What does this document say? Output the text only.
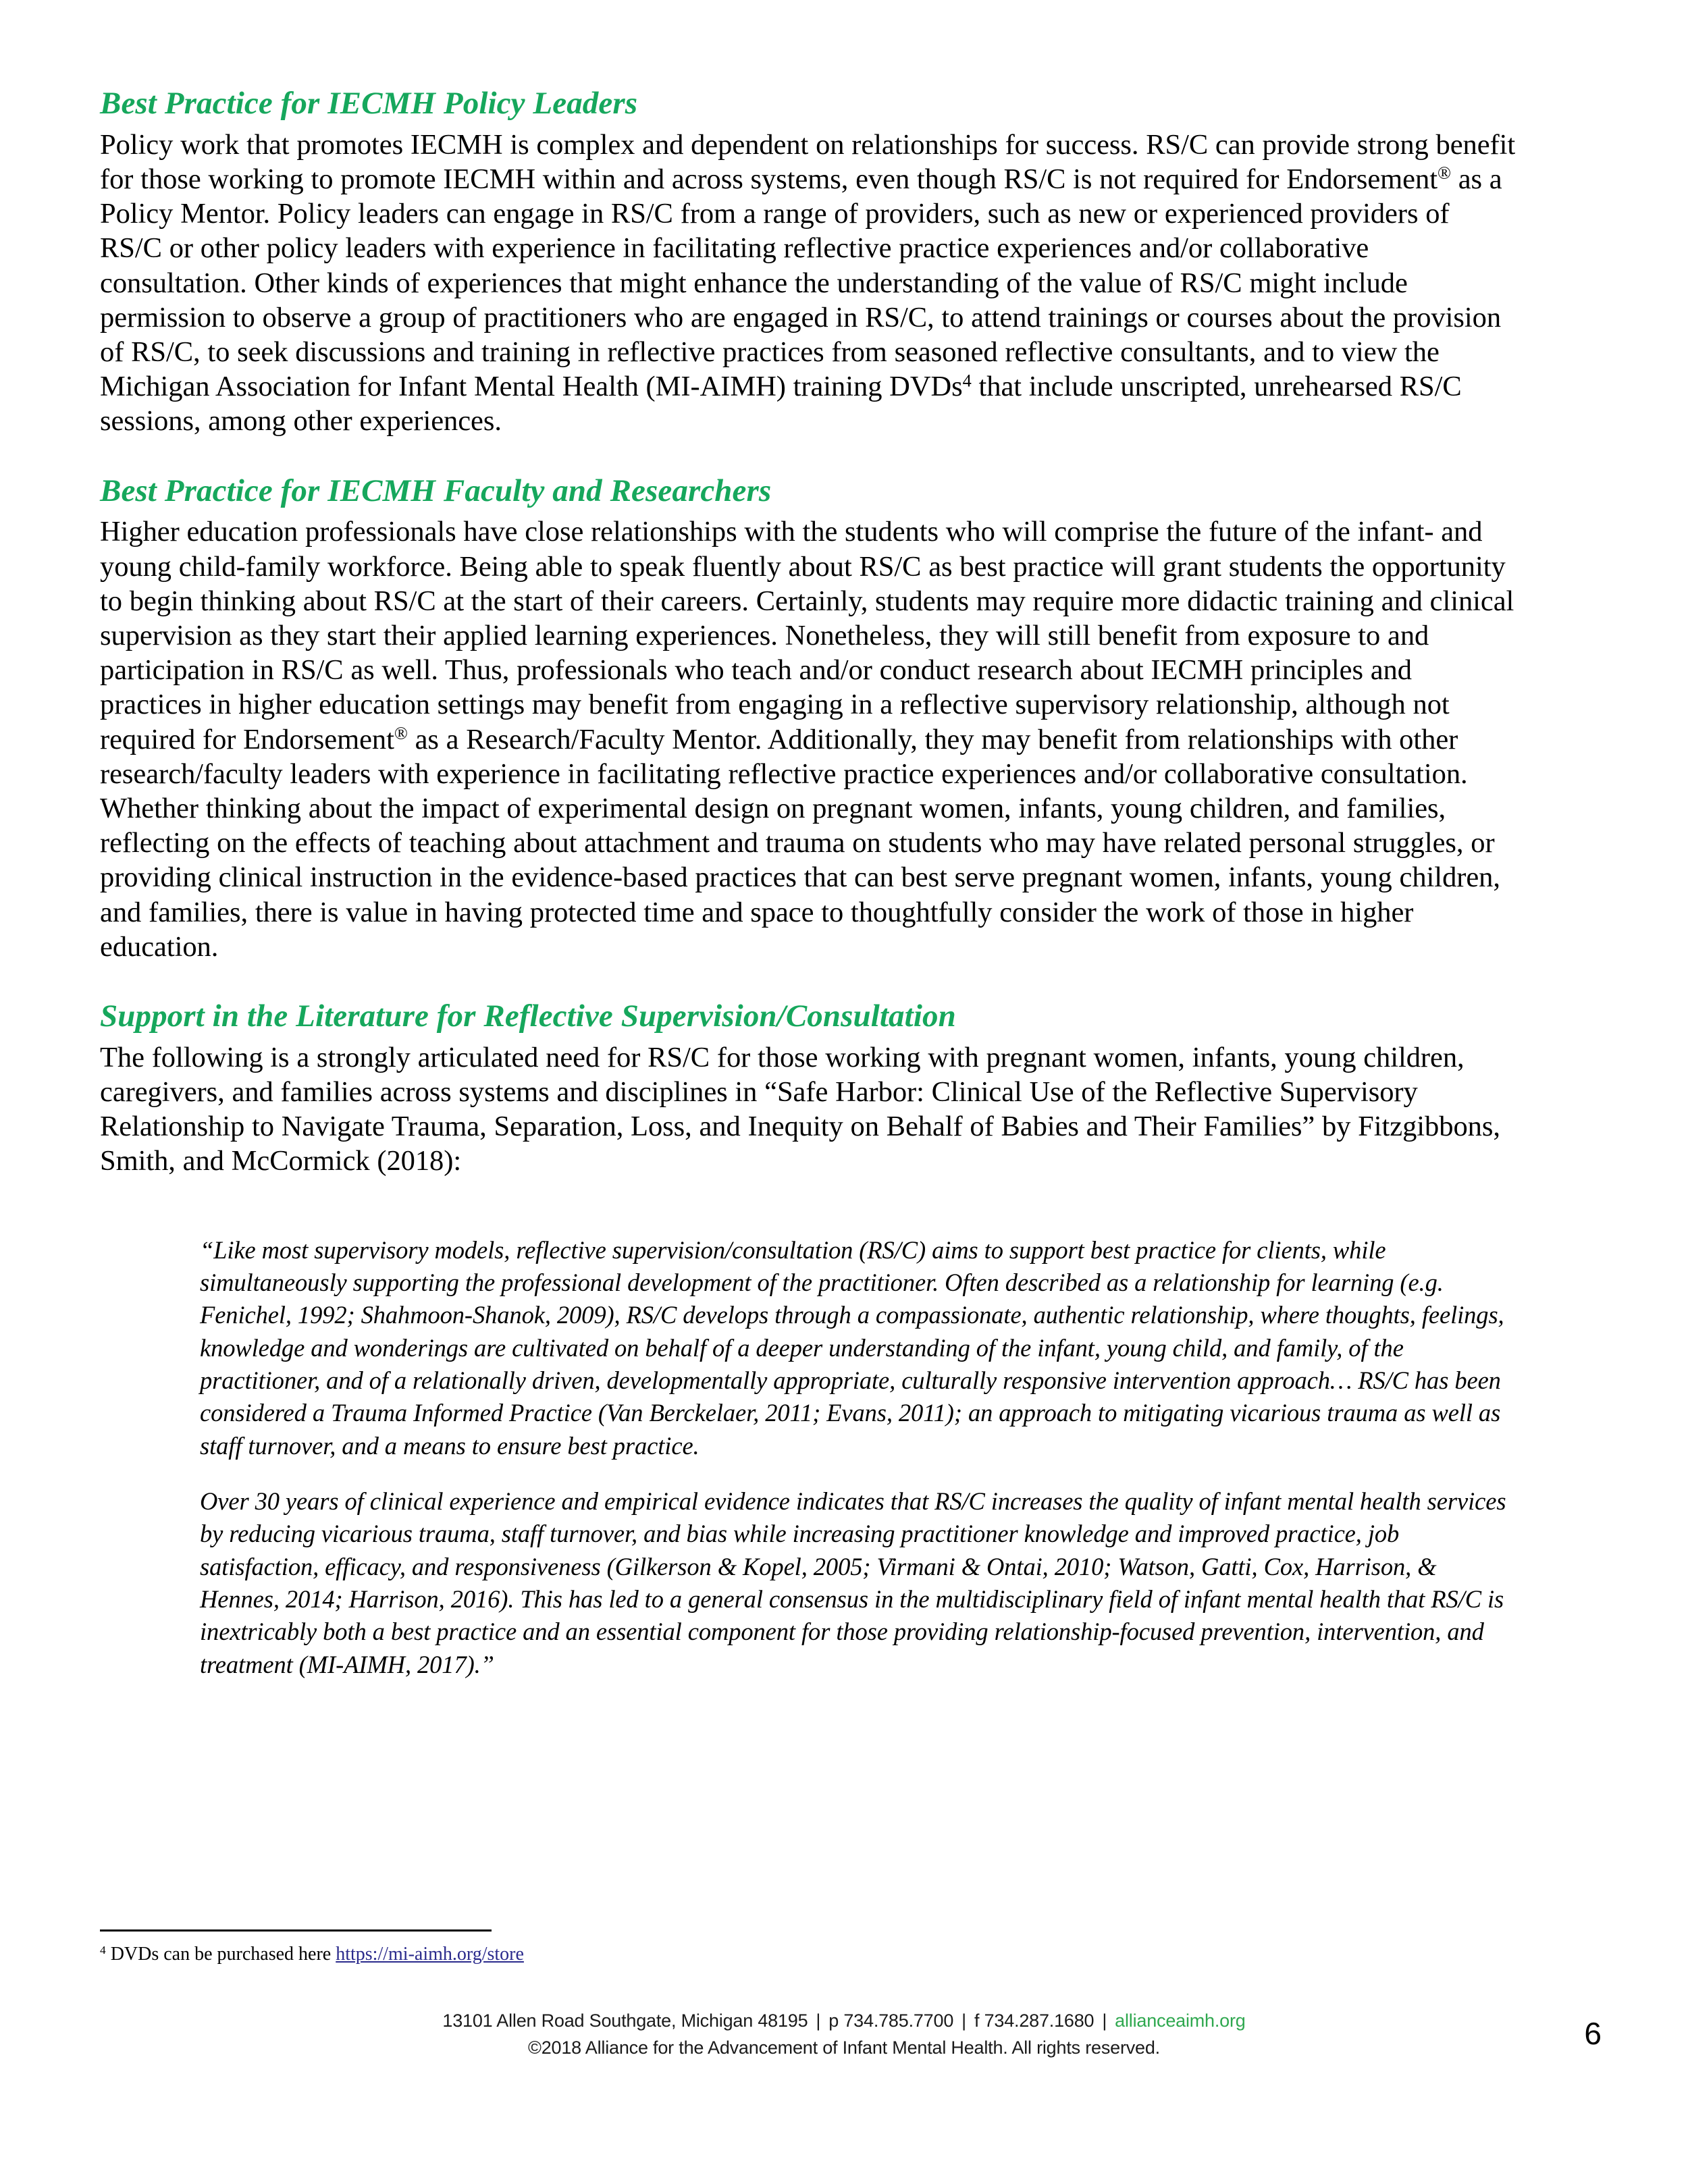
Best Practice for IECMH Policy Leaders

Policy work that promotes IECMH is complex and dependent on relationships for success. RS/C can provide strong benefit for those working to promote IECMH within and across systems, even though RS/C is not required for Endorsement® as a Policy Mentor. Policy leaders can engage in RS/C from a range of providers, such as new or experienced providers of RS/C or other policy leaders with experience in facilitating reflective practice experiences and/or collaborative consultation. Other kinds of experiences that might enhance the understanding of the value of RS/C might include permission to observe a group of practitioners who are engaged in RS/C, to attend trainings or courses about the provision of RS/C, to seek discussions and training in reflective practices from seasoned reflective consultants, and to view the Michigan Association for Infant Mental Health (MI-AIMH) training DVDs$^4$ that include unscripted, unrehearsed RS/C sessions, among other experiences.

Best Practice for IECMH Faculty and Researchers

Higher education professionals have close relationships with the students who will comprise the future of the infant- and young child-family workforce. Being able to speak fluently about RS/C as best practice will grant students the opportunity to begin thinking about RS/C at the start of their careers. Certainly, students may require more didactic training and clinical supervision as they start their applied learning experiences. Nonetheless, they will still benefit from exposure to and participation in RS/C as well. Thus, professionals who teach and/or conduct research about IECMH principles and practices in higher education settings may benefit from engaging in a reflective supervisory relationship, although not required for Endorsement® as a Research/Faculty Mentor. Additionally, they may benefit from relationships with other research/faculty leaders with experience in facilitating reflective practice experiences and/or collaborative consultation. Whether thinking about the impact of experimental design on pregnant women, infants, young children, and families, reflecting on the effects of teaching about attachment and trauma on students who may have related personal struggles, or providing clinical instruction in the evidence-based practices that can best serve pregnant women, infants, young children, and families, there is value in having protected time and space to thoughtfully consider the work of those in higher education.

Support in the Literature for Reflective Supervision/Consultation

The following is a strongly articulated need for RS/C for those working with pregnant women, infants, young children, caregivers, and families across systems and disciplines in “Safe Harbor: Clinical Use of the Reflective Supervisory Relationship to Navigate Trauma, Separation, Loss, and Inequity on Behalf of Babies and Their Families” by Fitzgibbons, Smith, and McCormick (2018):

“Like most supervisory models, reflective supervision/consultation (RS/C) aims to support best practice for clients, while simultaneously supporting the professional development of the practitioner. Often described as a relationship for learning (e.g. Fenichel, 1992; Shahmoon-Shanok, 2009), RS/C develops through a compassionate, authentic relationship, where thoughts, feelings, knowledge and wonderings are cultivated on behalf of a deeper understanding of the infant, young child, and family, of the practitioner, and of a relationally driven, developmentally appropriate, culturally responsive intervention approach… RS/C has been considered a Trauma Informed Practice (Van Berckelaer, 2011; Evans, 2011); an approach to mitigating vicarious trauma as well as staff turnover, and a means to ensure best practice.

Over 30 years of clinical experience and empirical evidence indicates that RS/C increases the quality of infant mental health services by reducing vicarious trauma, staff turnover, and bias while increasing practitioner knowledge and improved practice, job satisfaction, efficacy, and responsiveness (Gilkerson & Kopel, 2005; Virmani & Ontai, 2010; Watson, Gatti, Cox, Harrison, & Hennes, 2014; Harrison, 2016). This has led to a general consensus in the multidisciplinary field of infant mental health that RS/C is inextricably both a best practice and an essential component for those providing relationship-focused prevention, intervention, and treatment (MI-AIMH, 2017).”

$^4$ DVDs can be purchased here https://mi-aimh.org/store

13101 Allen Road Southgate, Michigan 48195 | p 734.785.7700 | f 734.287.1680 | allianceaimh.org
©2018 Alliance for the Advancement of Infant Mental Health. All rights reserved.	6
